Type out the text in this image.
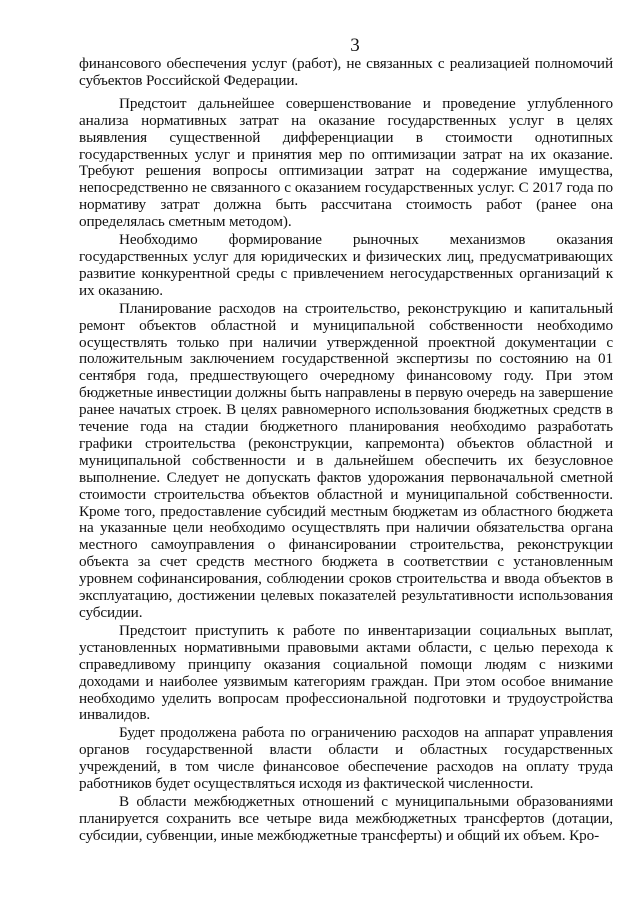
3

финансового обеспечения услуг (работ), не связанных с реализацией полномочий субъектов Российской Федерации.

Предстоит дальнейшее совершенствование и проведение углубленного анализа нормативных затрат на оказание государственных услуг в целях выявления существенной дифференциации в стоимости однотипных государственных услуг и принятия мер по оптимизации затрат на их оказание. Требуют решения вопросы оптимизации затрат на содержание имущества, непосредственно не связанного с оказанием государственных услуг. С 2017 года по нормативу затрат должна быть рассчитана стоимость работ (ранее она определялась сметным методом).

Необходимо формирование рыночных механизмов оказания государственных услуг для юридических и физических лиц, предусматривающих развитие конкурентной среды с привлечением негосударственных организаций к их оказанию.

Планирование расходов на строительство, реконструкцию и капитальный ремонт объектов областной и муниципальной собственности необходимо осуществлять только при наличии утвержденной проектной документации с положительным заключением государственной экспертизы по состоянию на 01 сентября года, предшествующего очередному финансовому году. При этом бюджетные инвестиции должны быть направлены в первую очередь на завершение ранее начатых строек. В целях равномерного использования бюджетных средств в течение года на стадии бюджетного планирования необходимо разработать графики строительства (реконструкции, капремонта) объектов областной и муниципальной собственности и в дальнейшем обеспечить их безусловное выполнение. Следует не допускать фактов удорожания первоначальной сметной стоимости строительства объектов областной и муниципальной собственности. Кроме того, предоставление субсидий местным бюджетам из областного бюджета на указанные цели необходимо осуществлять при наличии обязательства органа местного самоуправления о финансировании строительства, реконструкции объекта за счет средств местного бюджета в соответствии с установленным уровнем софинансирования, соблюдении сроков строительства и ввода объектов в эксплуатацию, достижении целевых показателей результативности использования субсидии.

Предстоит приступить к работе по инвентаризации социальных выплат, установленных нормативными правовыми актами области, с целью перехода к справедливому принципу оказания социальной помощи людям с низкими доходами и наиболее уязвимым категориям граждан. При этом особое внимание необходимо уделить вопросам профессиональной подготовки и трудоустройства инвалидов.

Будет продолжена работа по ограничению расходов на аппарат управления органов государственной власти области и областных государственных учреждений, в том числе финансовое обеспечение расходов на оплату труда работников будет осуществляться исходя из фактической численности.

В области межбюджетных отношений с муниципальными образованиями планируется сохранить все четыре вида межбюджетных трансфертов (дотации, субсидии, субвенции, иные межбюджетные трансферты) и общий их объем. Кро-
